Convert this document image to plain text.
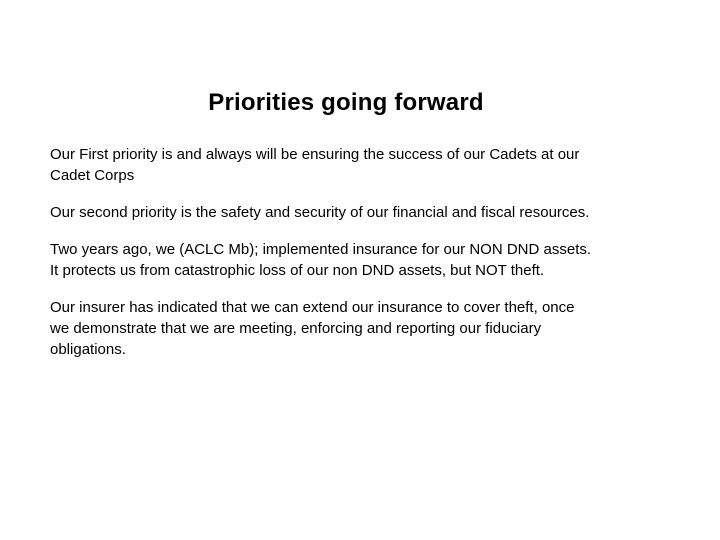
Priorities going forward

Our First priority is and always will be ensuring the success of our Cadets at our
Cadet Corps

Our second priority is the safety and security of our financial and fiscal resources.

Two years ago, we (ACLC Mb); implemented insurance for our NON DND assets.
It protects us from catastrophic loss of our non DND assets, but NOT theft.

Our insurer has indicated that we can extend our insurance to cover theft, once
we demonstrate that we are meeting, enforcing and reporting our fiduciary
obligations.
